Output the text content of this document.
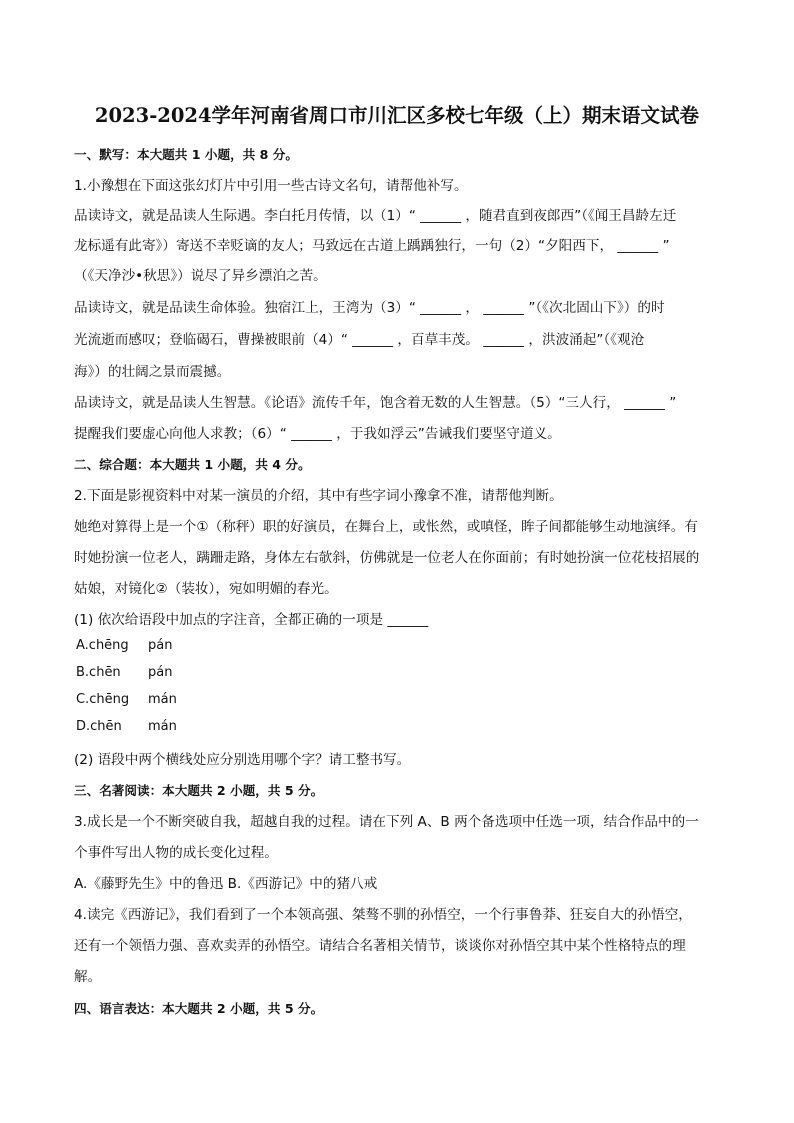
2023-2024学年河南省周口市川汇区多校七年级（上）期末语文试卷
一、默写：本大题共 1 小题，共 8 分。
1.小豫想在下面这张幻灯片中引用一些古诗文名句，请帮他补写。
品读诗文，就是品读人生际遇。李白托月传情，以（1）“ ______ ，随君直到夜郎西”（《闻王昌龄左迁
龙标遥有此寄》）寄送不幸贬谪的友人；马致远在古道上踽踽独行，一句（2）“夕阳西下， ______ ”
（《天净沙•秋思》）说尽了异乡漂泊之苦。
品读诗文，就是品读生命体验。独宿江上，王湾为（3）“ ______ ， ______ ”（《次北固山下》）的时
光流逝而感叹；登临碣石，曹操被眼前（4）“ ______ ，百草丰茂。 ______ ，洪波涌起”（《观沧
海》）的壮阔之景而震撼。
品读诗文，就是品读人生智慧。《论语》流传千年，饱含着无数的人生智慧。（5）“三人行， ______ ”
提醒我们要虚心向他人求教；（6）“ ______ ，于我如浮云”告诫我们要坚守道义。
二、综合题：本大题共 1 小题，共 4 分。
2.下面是影视资料中对某一演员的介绍，其中有些字词小豫拿不准，请帮他判断。
她绝对算得上是一个①（称秤）职的好演员，在舞台上，或怅然，或嗔怪，眸子间都能够生动地演绎。有
时她扮演一位老人，蹒跚走路，身体左右欹斜，仿佛就是一位老人在你面前；有时她扮演一位花枝招展的
姑娘，对镜化②（装妆），宛如明媚的春光。
(1) 依次给语段中加点的字注音，全都正确的一项是 ______
A.chēng pán
B.chēn pán
C.chēng mán
D.chēn mán
(2) 语段中两个横线处应分别选用哪个字？请工整书写。
三、名著阅读：本大题共 2 小题，共 5 分。
3.成长是一个不断突破自我，超越自我的过程。请在下列 A、B 两个备选项中任选一项，结合作品中的一
个事件写出人物的成长变化过程。
A.《藤野先生》中的鲁迅 B.《西游记》中的猪八戒
4.读完《西游记》，我们看到了一个本领高强、桀骜不驯的孙悟空，一个行事鲁莽、狂妄自大的孙悟空，
还有一个领悟力强、喜欢卖弄的孙悟空。请结合名著相关情节，谈谈你对孙悟空其中某个性格特点的理
解。
四、语言表达：本大题共 2 小题，共 5 分。
